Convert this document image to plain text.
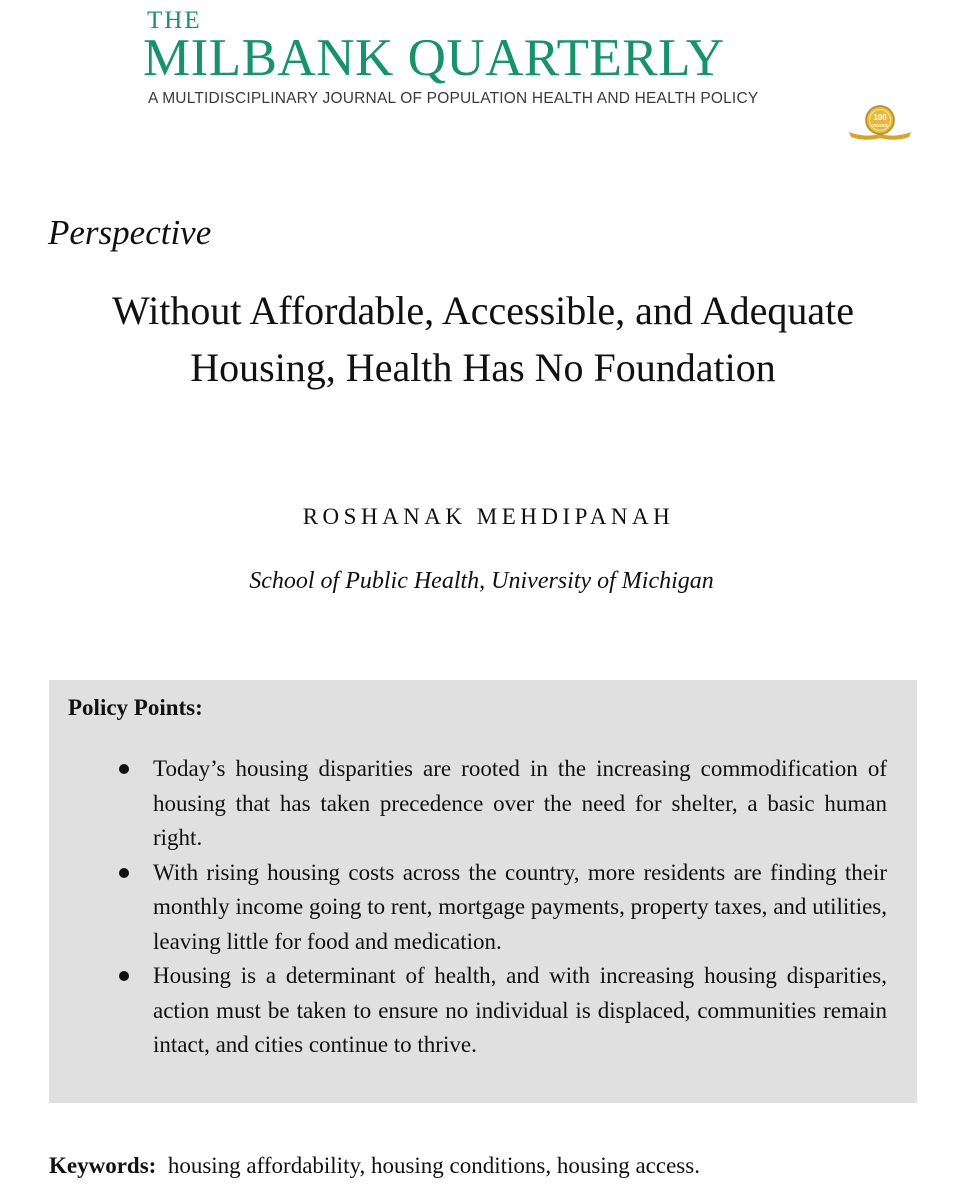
THE
MILBANK QUARTERLY
A MULTIDISCIPLINARY JOURNAL OF POPULATION HEALTH AND HEALTH POLICY
100
YEARS

Perspective

Without Affordable, Accessible, and Adequate Housing, Health Has No Foundation

ROSHANAK MEHDIPANAH

School of Public Health, University of Michigan

Policy Points:

Today’s housing disparities are rooted in the increasing commodification of housing that has taken precedence over the need for shelter, a basic human right.
With rising housing costs across the country, more residents are finding their monthly income going to rent, mortgage payments, property taxes, and utilities, leaving little for food and medication.
Housing is a determinant of health, and with increasing housing disparities, action must be taken to ensure no individual is displaced, communities remain intact, and cities continue to thrive.

Keywords: housing affordability, housing conditions, housing access.
